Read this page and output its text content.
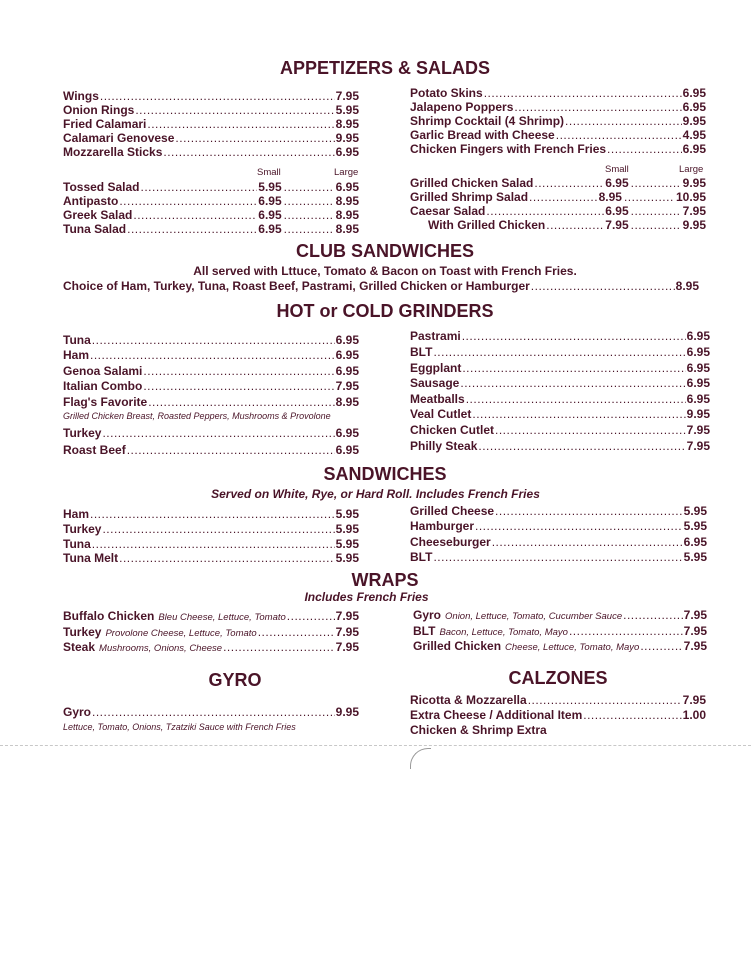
APPETIZERS & SALADS
Wings .....	7.95
Onion Rings .....	5.95
Fried Calamari .....	8.95
Calamari Genovese .....	9.95
Mozzarella Sticks .....	6.95
Potato Skins .....	6.95
Jalapeno Poppers .....	6.95
Shrimp Cocktail (4 Shrimp) .....	9.95
Garlic Bread with Cheese .....	4.95
Chicken Fingers with French Fries .....	6.95
Small	Large	Small	Large
Tossed Salad .....	5.95 .....	6.95
Antipasto .....	6.95 .....	8.95
Greek Salad .....	6.95 .....	8.95
Tuna Salad .....	6.95 .....	8.95
Grilled Chicken Salad .....	6.95 .....	9.95
Grilled Shrimp Salad .....	8.95 .....	10.95
Caesar Salad .....	6.95 .....	7.95
With Grilled Chicken .....	7.95 .....	9.95
CLUB SANDWICHES
All served with Lttuce, Tomato & Bacon on Toast with French Fries.
Choice of Ham, Turkey, Tuna, Roast Beef, Pastrami, Grilled Chicken or Hamburger .....	8.95
HOT or COLD GRINDERS
Tuna .....	6.95
Ham .....	6.95
Genoa Salami .....	6.95
Italian Combo .....	7.95
Flag's Favorite .....	8.95
Grilled Chicken Breast, Roasted Peppers, Mushrooms & Provolone
Turkey .....	6.95
Roast Beef .....	6.95
Pastrami .....	6.95
BLT .....	6.95
Eggplant .....	6.95
Sausage .....	6.95
Meatballs .....	6.95
Veal Cutlet .....	9.95
Chicken Cutlet .....	7.95
Philly Steak .....	7.95
SANDWICHES
Served on White, Rye, or Hard Roll. Includes French Fries
Ham .....	5.95
Turkey .....	5.95
Tuna .....	5.95
Tuna Melt .....	5.95
Grilled Cheese .....	5.95
Hamburger .....	5.95
Cheeseburger .....	6.95
BLT .....	5.95
WRAPS
Includes French Fries
Buffalo Chicken Bleu Cheese, Lettuce, Tomato .....	7.95
Turkey Provolone Cheese, Lettuce, Tomato .....	7.95
Steak Mushrooms, Onions, Cheese .....	7.95
Gyro Onion, Lettuce, Tomato, Cucumber Sauce .....	7.95
BLT Bacon, Lettuce, Tomato, Mayo .....	7.95
Grilled Chicken Cheese, Lettuce, Tomato, Mayo .....	7.95
GYRO
Gyro .....	9.95
Lettuce, Tomato, Onions, Tzatziki Sauce with French Fries
CALZONES
Ricotta & Mozzarella .....	7.95
Extra Cheese / Additional Item .....	1.00
Chicken & Shrimp Extra
